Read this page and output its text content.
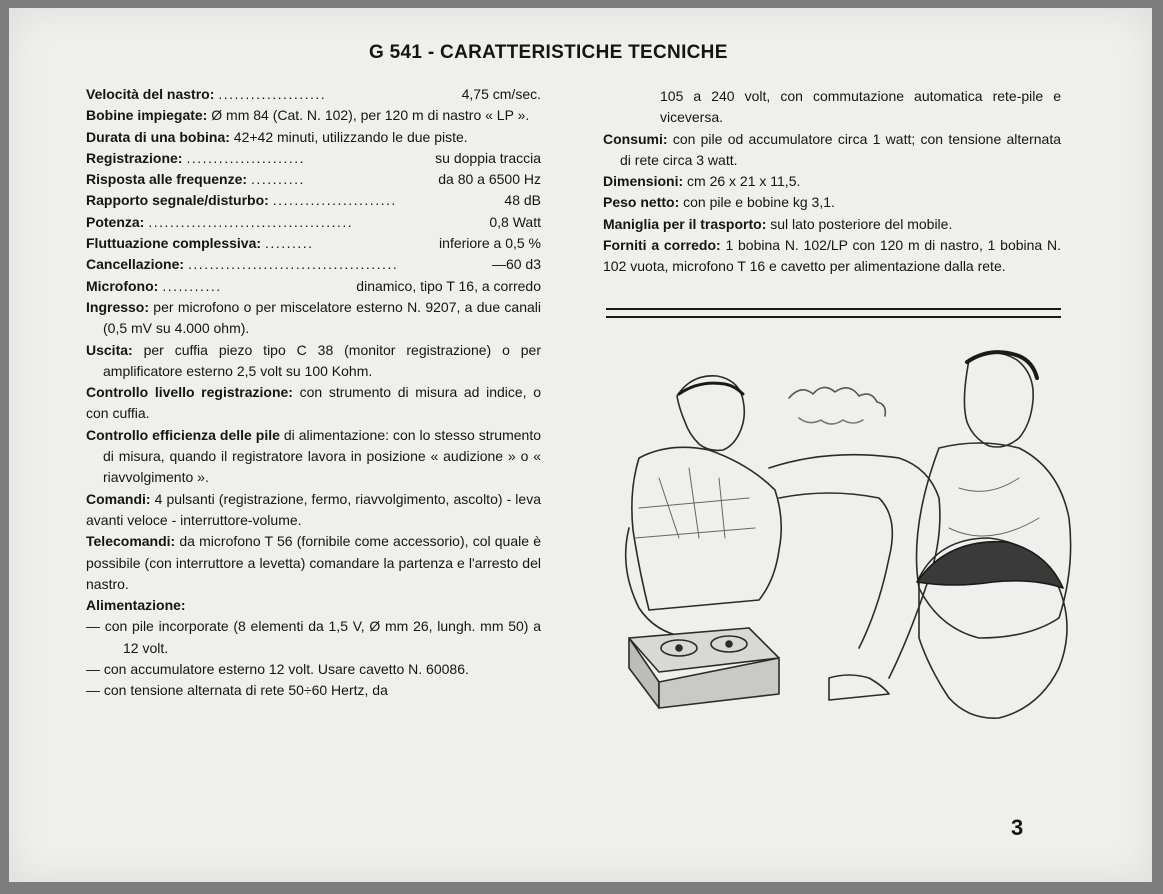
G 541 - CARATTERISTICHE TECNICHE
Velocità del nastro: ....................	4,75 cm/sec.
Bobine impiegate: Ø mm 84 (Cat. N. 102), per 120 m di nastro « LP ».
Durata di una bobina: 42+42 minuti, utilizzando le due piste.
Registrazione: ......................	su doppia traccia
Risposta alle frequenze: ..........	da 80 a 6500 Hz
Rapporto segnale/disturbo: .......................	48 dB
Potenza: ......................................	0,8 Watt
Fluttuazione complessiva: .........	inferiore a 0,5 %
Cancellazione: .......................................	—60 d3
Microfono: ...........	dinamico, tipo T 16, a corredo
Ingresso: per microfono o per miscelatore esterno N. 9207, a due canali (0,5 mV su 4.000 ohm).
Uscita: per cuffia piezo tipo C 38 (monitor registrazione) o per amplificatore esterno 2,5 volt su 100 Kohm.
Controllo livello registrazione: con strumento di misura ad indice, o con cuffia.
Controllo efficienza delle pile di alimentazione: con lo stesso strumento di misura, quando il registratore lavora in posizione « audizione » o « riavvolgimento ».
Comandi: 4 pulsanti (registrazione, fermo, riavvolgimento, ascolto) - leva avanti veloce - interruttore-volume.
Telecomandi: da microfono T 56 (fornibile come accessorio), col quale è possibile (con interruttore a levetta) comandare la partenza e l'arresto del nastro.
Alimentazione:
— con pile incorporate (8 elementi da 1,5 V, Ø mm 26, lungh. mm 50) a 12 volt.
— con accumulatore esterno 12 volt. Usare cavetto N. 60086.
— con tensione alternata di rete 50÷60 Hertz, da
105 a 240 volt, con commutazione automatica rete-pile e viceversa.
Consumi: con pile od accumulatore circa 1 watt; con tensione alternata di rete circa 3 watt.
Dimensioni: cm 26 x 21 x 11,5.
Peso netto: con pile e bobine kg 3,1.
Maniglia per il trasporto: sul lato posteriore del mobile.
Forniti a corredo: 1 bobina N. 102/LP con 120 m di nastro, 1 bobina N. 102 vuota, microfono T 16 e cavetto per alimentazione dalla rete.
3
